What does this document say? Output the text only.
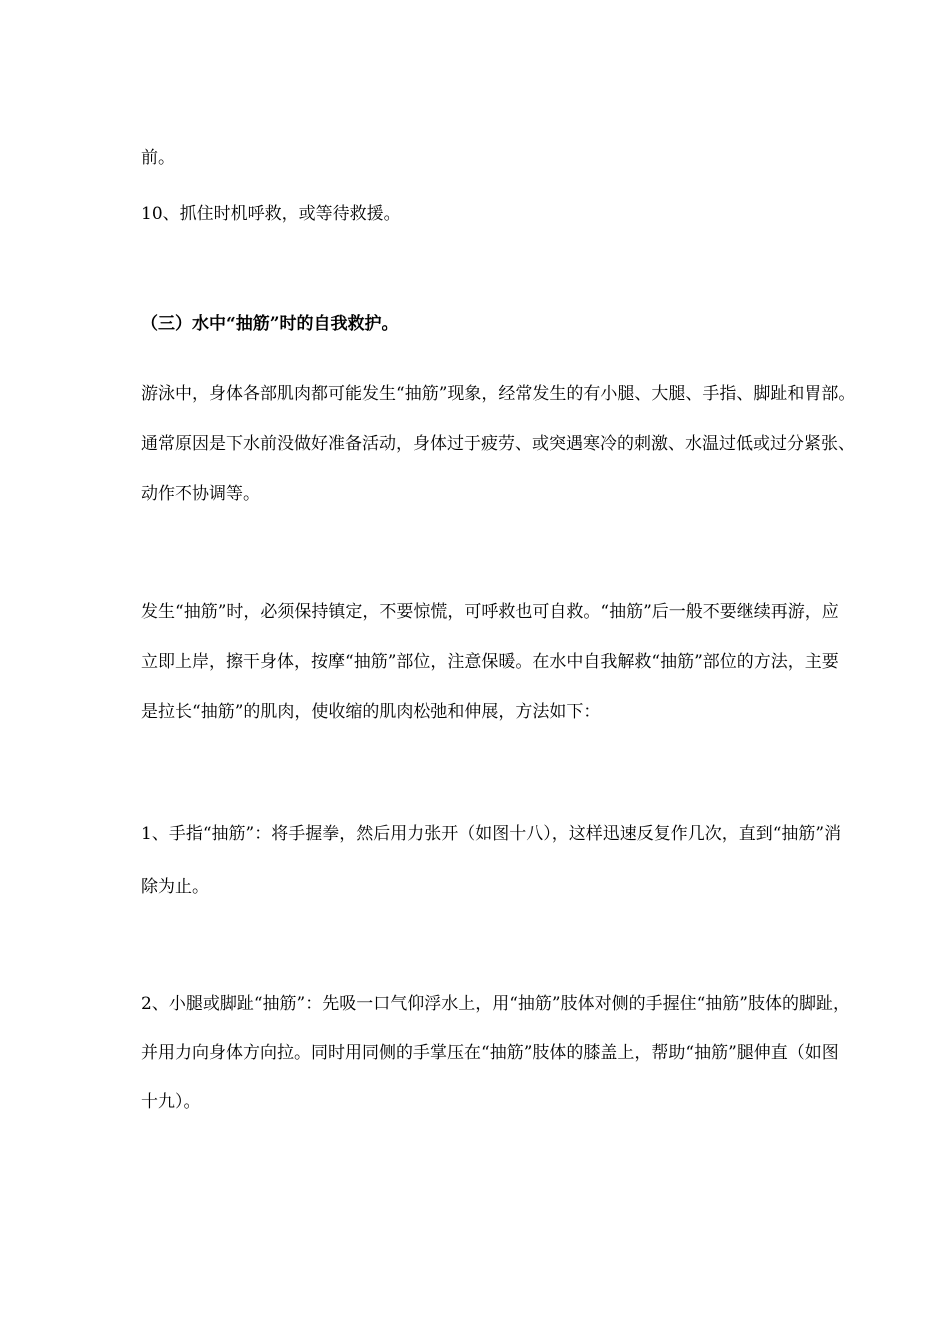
前。
10、抓住时机呼救，或等待救援。
（三）水中“抽筋”时的自我救护。
游泳中，身体各部肌肉都可能发生“抽筋”现象，经常发生的有小腿、大腿、手指、脚趾和胃部。
通常原因是下水前没做好准备活动，身体过于疲劳、或突遇寒冷的刺激、水温过低或过分紧张、
动作不协调等。
发生“抽筋”时，必须保持镇定，不要惊慌，可呼救也可自救。“抽筋”后一般不要继续再游，应
立即上岸，擦干身体，按摩“抽筋”部位，注意保暖。在水中自我解救“抽筋”部位的方法，主要
是拉长“抽筋”的肌肉，使收缩的肌肉松弛和伸展，方法如下：
1、手指“抽筋”：将手握拳，然后用力张开（如图十八），这样迅速反复作几次，直到“抽筋”消
除为止。
2、小腿或脚趾“抽筋”：先吸一口气仰浮水上，用“抽筋”肢体对侧的手握住“抽筋”肢体的脚趾，
并用力向身体方向拉。同时用同侧的手掌压在“抽筋”肢体的膝盖上，帮助“抽筋”腿伸直（如图
十九）。
